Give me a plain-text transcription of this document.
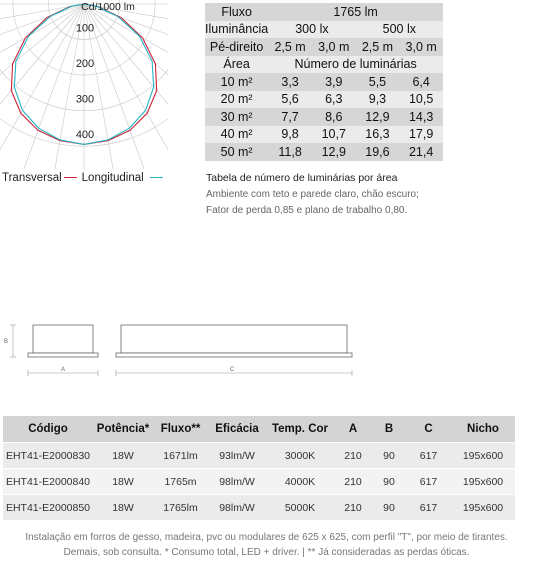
100
200
300
400
Cd/1000 lm
Transversal Longitudinal
Fluxo	1765 lm			
Iluminância	300 lx		500 lx	
Pé-direito	2,5 m	3,0 m	2,5 m	3,0 m
Área	Número de luminárias			
10 m²	3,3	3,9	5,5	6,4
20 m²	5,6	6,3	9,3	10,5
30 m²	7,7	8,6	12,9	14,3
40 m²	9,8	10,7	16,3	17,9
50 m²	11,8	12,9	19,6	21,4
Tabela de número de luminárias por área
Ambiente com teto e parede claro, chão escuro;
Fator de perda 0,85 e plano de trabalho 0,80.
B
A	C
Código	Potência*	Fluxo**	Eficácia	Temp. Cor	A	B	C	Nicho
EHT41-E2000830	18W	1671lm	93lm/W	3000K	210	90	617	195x600
EHT41-E2000840	18W	1765m	98lm/W	4000K	210	90	617	195x600
EHT41-E2000850	18W	1765lm	98lm/W	5000K	210	90	617	195x600
Instalação em forros de gesso, madeira, pvc ou modulares de 625 x 625, com perfil "T", por meio de tirantes.
Demais, sob consulta. * Consumo total, LED + driver. | ** Já consideradas as perdas óticas.
